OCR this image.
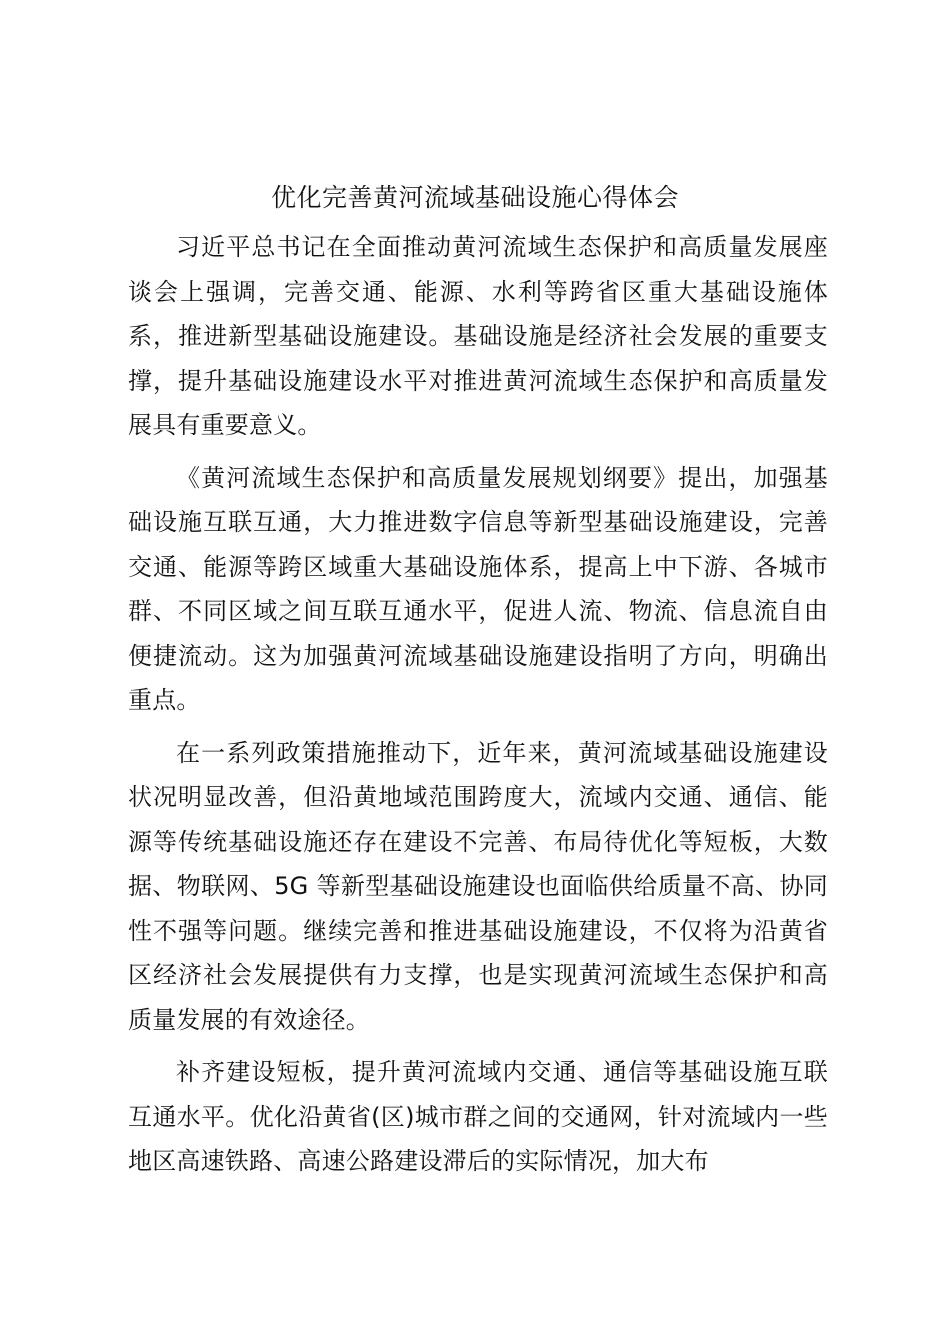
优化完善黄河流域基础设施心得体会

习近平总书记在全面推动黄河流域生态保护和高质量发展座谈会上强调，完善交通、能源、水利等跨省区重大基础设施体系，推进新型基础设施建设。基础设施是经济社会发展的重要支撑，提升基础设施建设水平对推进黄河流域生态保护和高质量发展具有重要意义。

《黄河流域生态保护和高质量发展规划纲要》提出，加强基础设施互联互通，大力推进数字信息等新型基础设施建设，完善交通、能源等跨区域重大基础设施体系，提高上中下游、各城市群、不同区域之间互联互通水平，促进人流、物流、信息流自由便捷流动。这为加强黄河流域基础设施建设指明了方向，明确出重点。

在一系列政策措施推动下，近年来，黄河流域基础设施建设状况明显改善，但沿黄地域范围跨度大，流域内交通、通信、能源等传统基础设施还存在建设不完善、布局待优化等短板，大数据、物联网、5G 等新型基础设施建设也面临供给质量不高、协同性不强等问题。继续完善和推进基础设施建设，不仅将为沿黄省区经济社会发展提供有力支撑，也是实现黄河流域生态保护和高质量发展的有效途径。

补齐建设短板，提升黄河流域内交通、通信等基础设施互联互通水平。优化沿黄省(区)城市群之间的交通网，针对流域内一些地区高速铁路、高速公路建设滞后的实际情况，加大布
